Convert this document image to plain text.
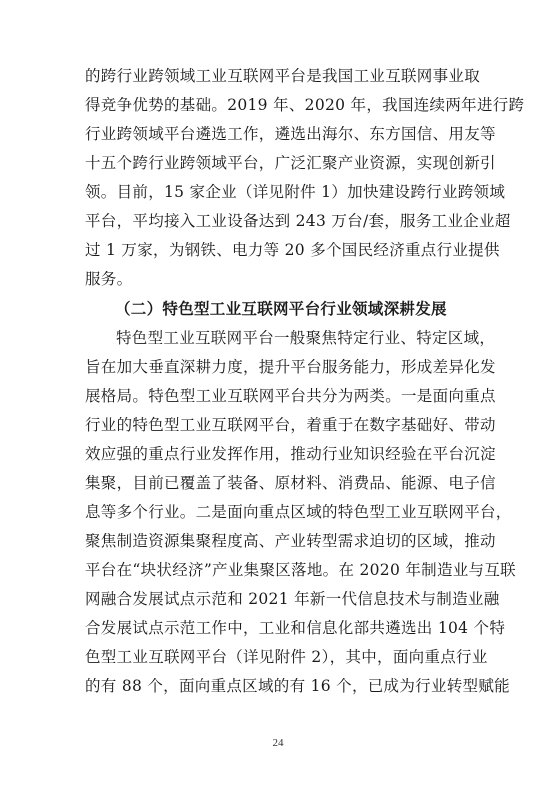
的跨行业跨领域工业互联网平台是我国工业互联网事业取
得竞争优势的基础。2019 年、2020 年，我国连续两年进行跨
行业跨领域平台遴选工作，遴选出海尔、东方国信、用友等
十五个跨行业跨领域平台，广泛汇聚产业资源，实现创新引
领。目前，15 家企业（详见附件 1）加快建设跨行业跨领域
平台，平均接入工业设备达到 243 万台/套，服务工业企业超
过 1 万家，为钢铁、电力等 20 多个国民经济重点行业提供
服务。
（二）特色型工业互联网平台行业领域深耕发展
特色型工业互联网平台一般聚焦特定行业、特定区域，
旨在加大垂直深耕力度，提升平台服务能力，形成差异化发
展格局。特色型工业互联网平台共分为两类。一是面向重点
行业的特色型工业互联网平台，着重于在数字基础好、带动
效应强的重点行业发挥作用，推动行业知识经验在平台沉淀
集聚，目前已覆盖了装备、原材料、消费品、能源、电子信
息等多个行业。二是面向重点区域的特色型工业互联网平台，
聚焦制造资源集聚程度高、产业转型需求迫切的区域，推动
平台在“块状经济”产业集聚区落地。在 2020 年制造业与互联
网融合发展试点示范和 2021 年新一代信息技术与制造业融
合发展试点示范工作中，工业和信息化部共遴选出 104 个特
色型工业互联网平台（详见附件 2），其中，面向重点行业
的有 88 个，面向重点区域的有 16 个，已成为行业转型赋能
24
